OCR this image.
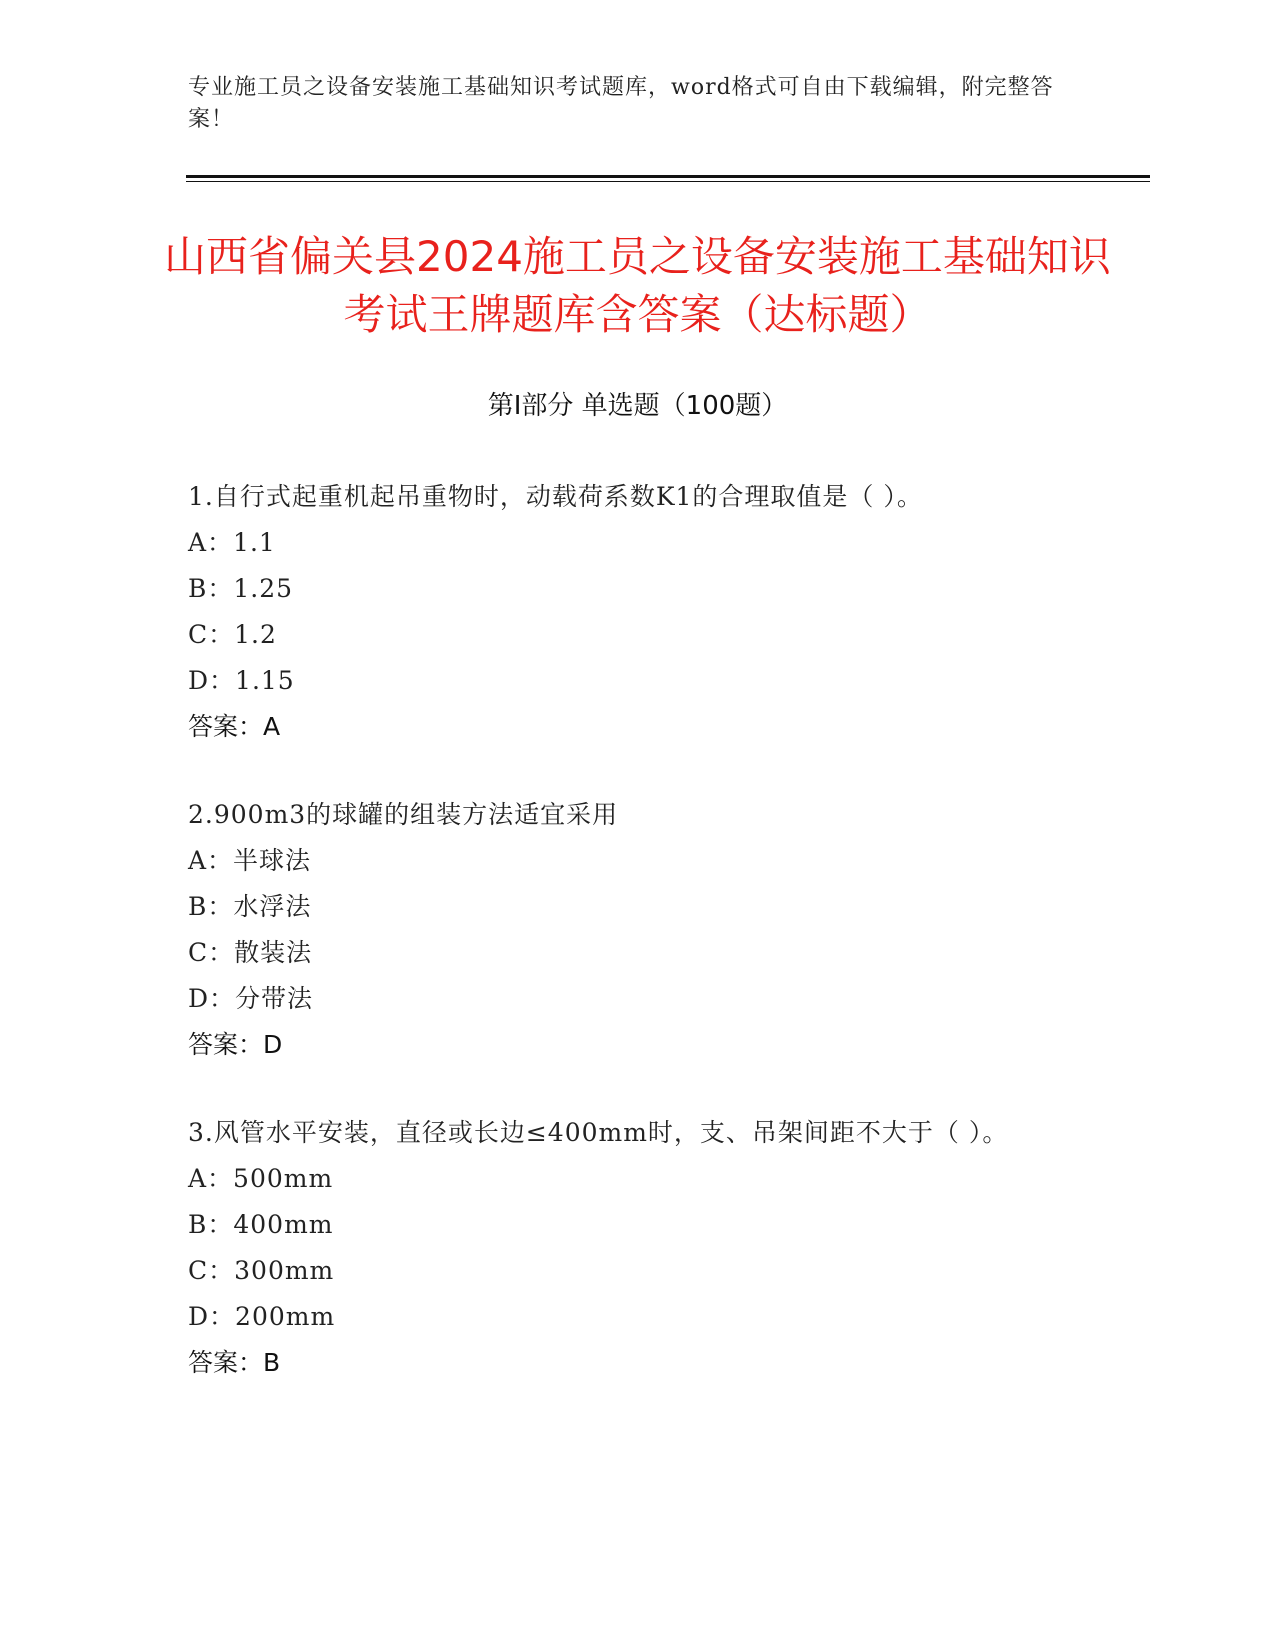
专业施工员之设备安装施工基础知识考试题库，word格式可自由下载编辑，附完整答案！
山西省偏关县2024施工员之设备安装施工基础知识考试王牌题库含答案（达标题）
第Ⅰ部分 单选题（100题）
1.自行式起重机起吊重物时，动载荷系数K1的合理取值是（ ）。
A：1.1
B：1.25
C：1.2
D：1.15
答案：A
2.900m3的球罐的组装方法适宜采用
A：半球法
B：水浮法
C：散装法
D：分带法
答案：D
3.风管水平安装，直径或长边≤400mm时，支、吊架间距不大于（ ）。
A：500mm
B：400mm
C：300mm
D：200mm
答案：B
